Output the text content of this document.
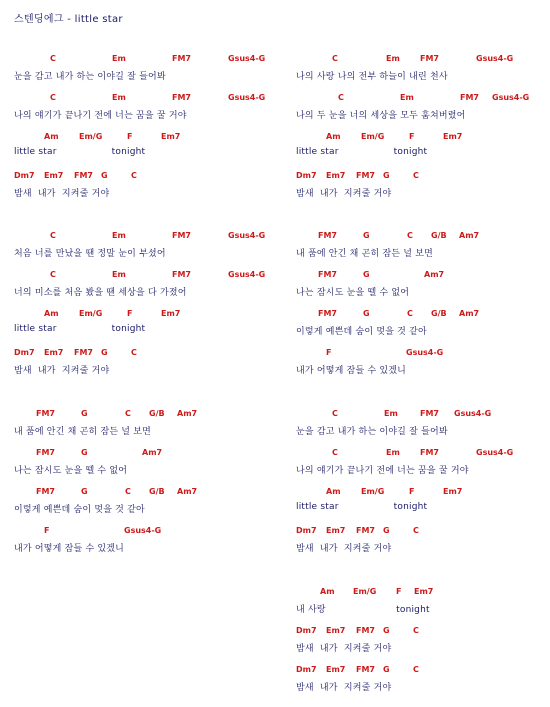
스텐딩에그 - little star
C	Em	FM7	Gsus4-G
눈을 감고 내가 하는 이야길 잘 들어봐
C	Em	FM7	Gsus4-G
나의 얘기가 끝나기 전에 너는 꿈을 꿀 거야
Am	Em/G	F	Em7
little star                  tonight
Dm7 Em7 FM7 G	C
밤새  내가  지켜줄 거야
C	Em	FM7	Gsus4-G
처음 너를 만났을 땐 정말 눈이 부셨어
C	Em	FM7	Gsus4-G
너의 미소를 처음 봤을 땐 세상을 다 가졌어
Am	Em/G	F	Em7
little star                  tonight
Dm7 Em7 FM7 G	C
밤새  내가  지켜줄 거야
FM7	G	C G/B Am7
내 품에 안긴 채 곤히 잠든 널 보면
FM7	G	Am7
나는 잠시도 눈을 뗄 수 없어
FM7	G	C G/B Am7
이렇게 예쁜데 숨이 멎을 것 같아
F	Gsus4-G
내가 어떻게 잠들 수 있겠니
C	Em	FM7	Gsus4-G
나의 사랑 나의 전부 하늘이 내린 천사
C	Em	FM7 Gsus4-G
나의 두 눈을 너의 세상을 모두 훔쳐버렸어
Am	Em/G	F	Em7
little star                  tonight
Dm7 Em7 FM7 G	C
밤새  내가  지켜줄 거야
FM7	G	C G/B Am7
내 품에 안긴 채 곤히 잠든 널 보면
FM7	G	Am7
나는 잠시도 눈을 뗄 수 없어
FM7	G	C G/B Am7
이렇게 예쁜데 숨이 멎을 것 같아
F	Gsus4-G
내가 어떻게 잠들 수 있겠니
C	Em	FM7 Gsus4-G
눈을 감고 내가 하는 이야길 잘 들어봐
C	Em	FM7	Gsus4-G
나의 얘기가 끝나기 전에 너는 꿈을 꿀 거야
Am	Em/G	F	Em7
little star                  tonight
Dm7 Em7 FM7 G	C
밤새  내가  지켜줄 거야
Am Em/G F Em7
내 사랑                       tonight
Dm7 Em7 FM7 G	C
밤새  내가  지켜줄 거야
Dm7 Em7 FM7 G	C
밤새  내가  지켜줄 거야
